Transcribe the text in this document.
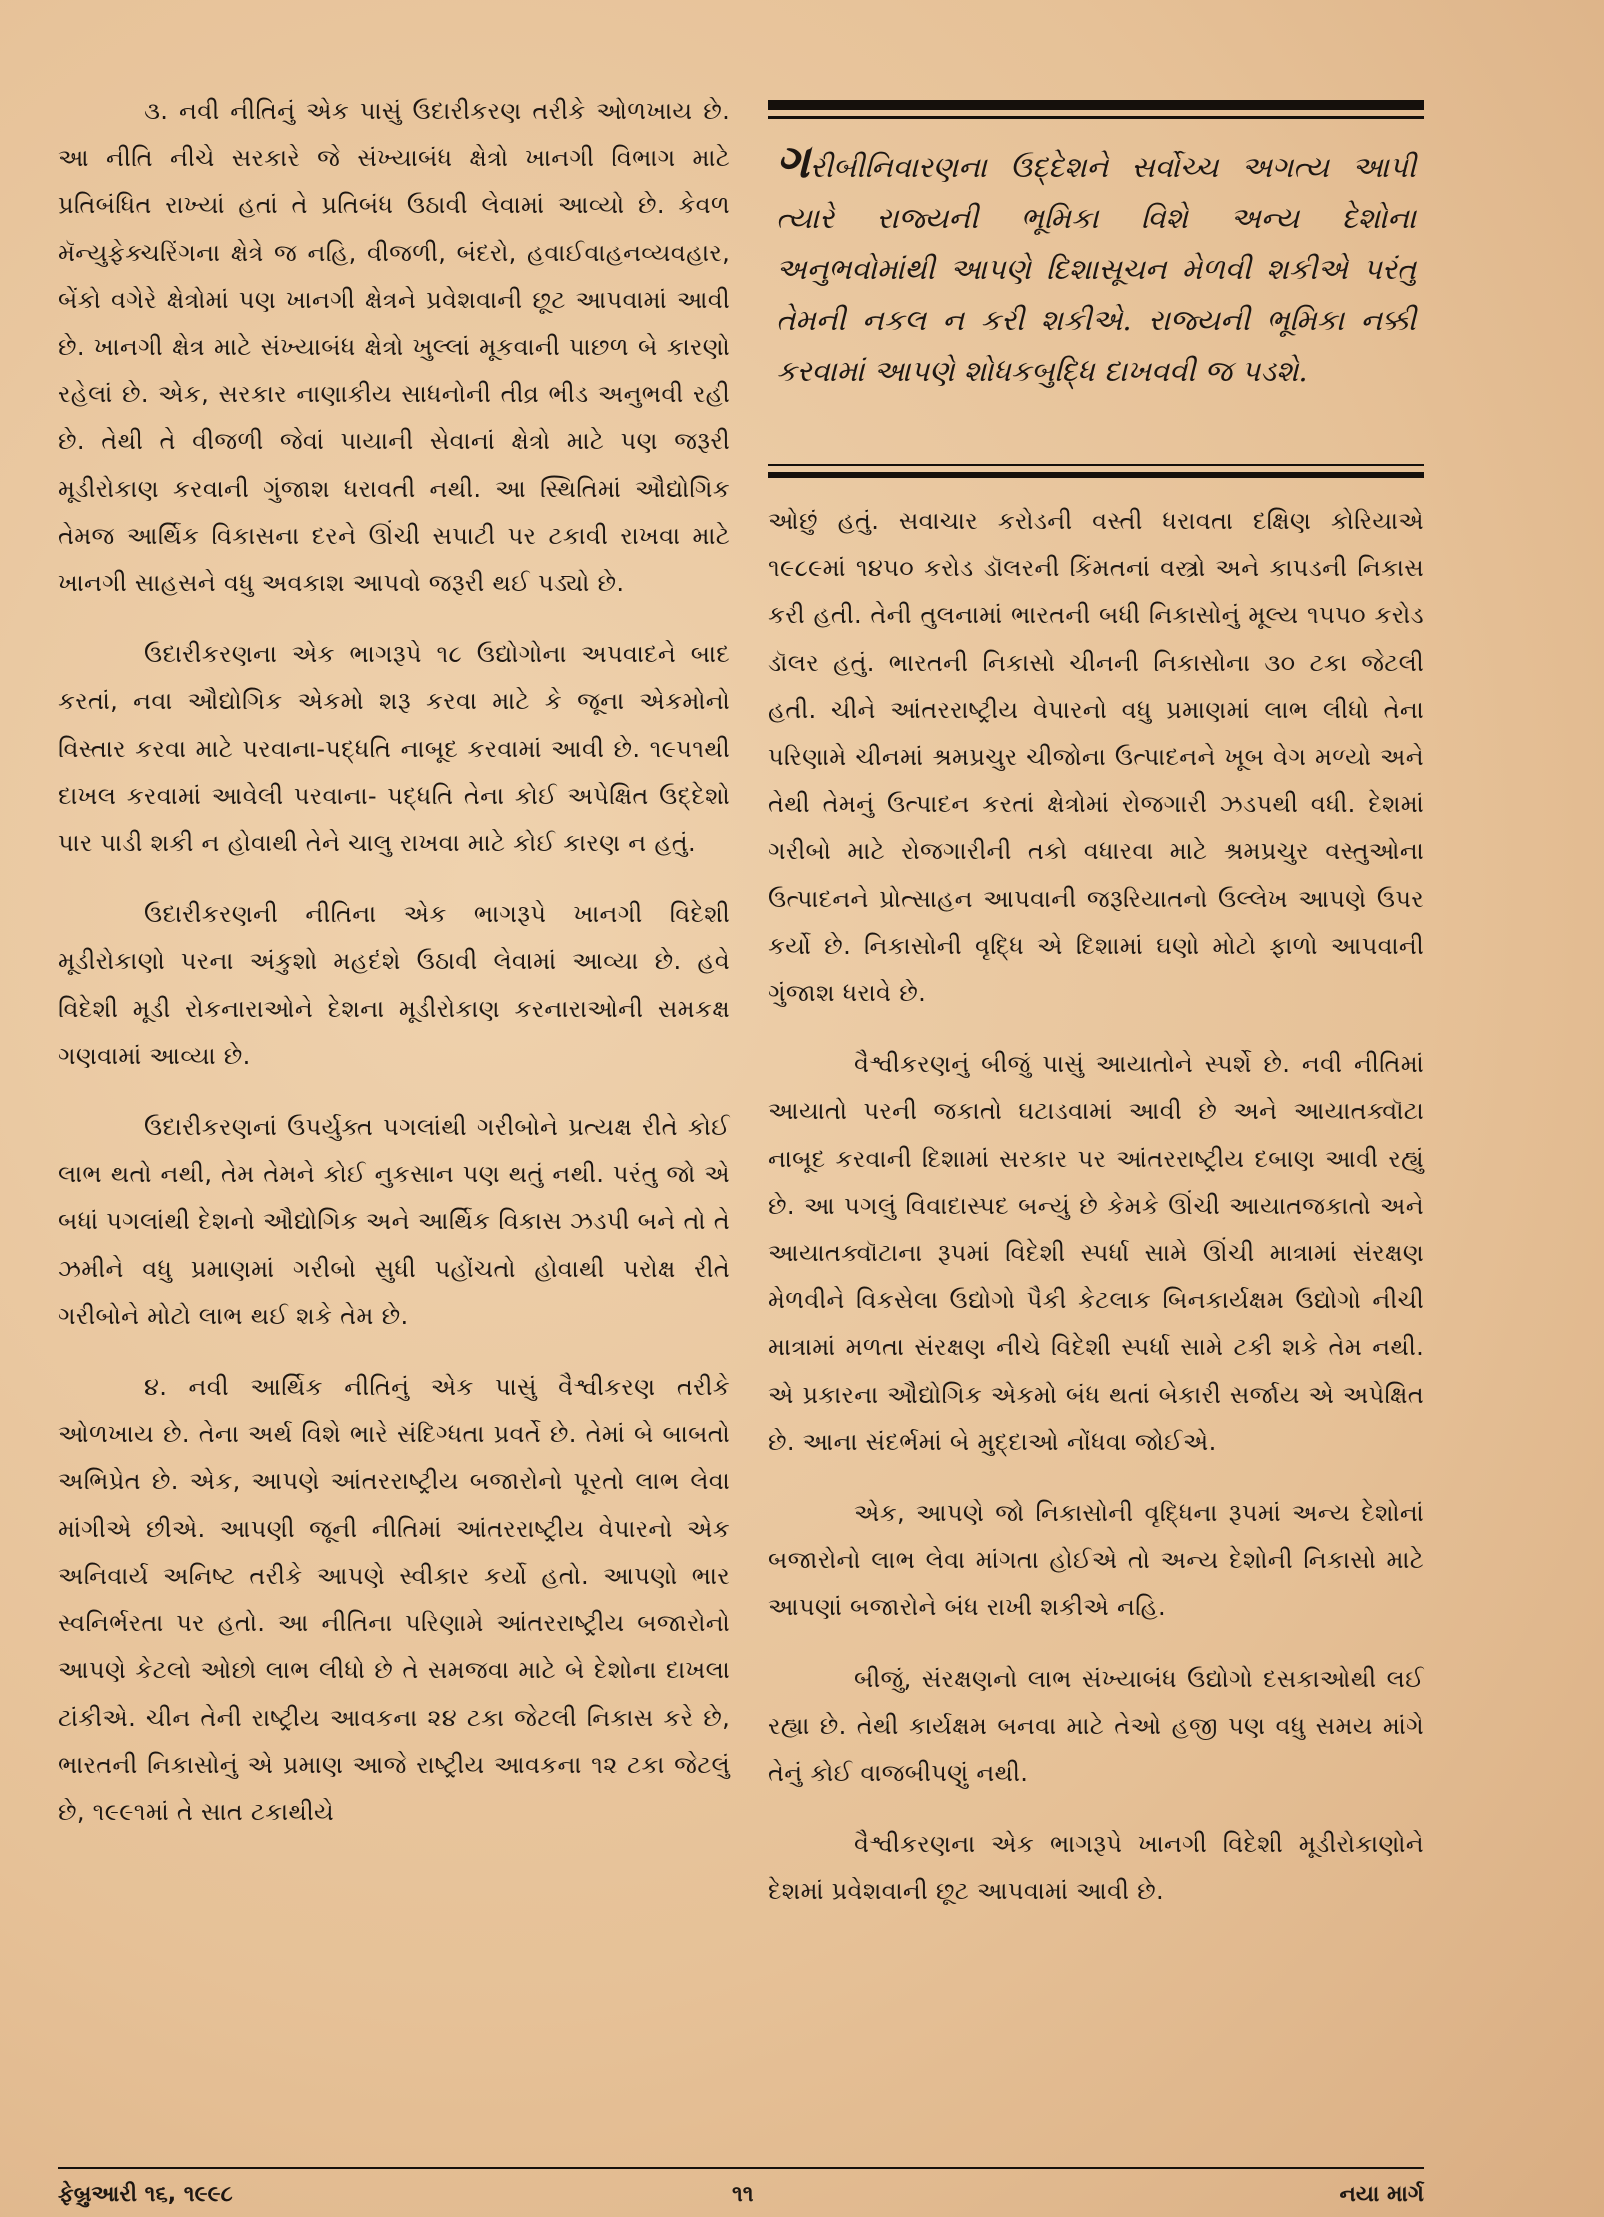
૩. નવી નીતિનું એક પાસું ઉદારીકરણ તરીકે ઓળખાય છે. આ નીતિ નીચે સરકારે જે સંખ્યાબંધ ક્ષેત્રો ખાનગી વિભાગ માટે પ્રતિબંધિત રાખ્યાં હતાં તે પ્રતિબંધ ઉઠાવી લેવામાં આવ્યો છે. કેવળ મૅન્યુફેક્ચરિંગના ક્ષેત્રે જ નહિ, વીજળી, બંદરો, હવાઈવાહનવ્યવહાર, બેંકો વગેરે ક્ષેત્રોમાં પણ ખાનગી ક્ષેત્રને પ્રવેશવાની છૂટ આપવામાં આવી છે. ખાનગી ક્ષેત્ર માટે સંખ્યાબંધ ક્ષેત્રો ખુલ્લાં મૂકવાની પાછળ બે કારણો રહેલાં છે. એક, સરકાર નાણાકીય સાધનોની તીવ્ર ભીડ અનુભવી રહી છે. તેથી તે વીજળી જેવાં પાયાની સેવાનાં ક્ષેત્રો માટે પણ જરૂરી મૂડીરોકાણ કરવાની ગુંજાશ ધરાવતી નથી. આ સ્થિતિમાં ઔદ્યોગિક તેમજ આર્થિક વિકાસના દરને ઊંચી સપાટી પર ટકાવી રાખવા માટે ખાનગી સાહસને વધુ અવકાશ આપવો જરૂરી થઈ પડ્યો છે.

ઉદારીકરણના એક ભાગરૂપે ૧૮ ઉદ્યોગોના અપવાદને બાદ કરતાં, નવા ઔદ્યોગિક એકમો શરૂ કરવા માટે કે જૂના એકમોનો વિસ્તાર કરવા માટે પરવાના-પદ્ધતિ નાબૂદ કરવામાં આવી છે. ૧૯૫૧થી દાખલ કરવામાં આવેલી પરવાના- પદ્ધતિ તેના કોઈ અપેક્ષિત ઉદ્દેશો પાર પાડી શકી ન હોવાથી તેને ચાલુ રાખવા માટે કોઈ કારણ ન હતું.

ઉદારીકરણની નીતિના એક ભાગરૂપે ખાનગી વિદેશી મૂડીરોકાણો પરના અંકુશો મહદંશે ઉઠાવી લેવામાં આવ્યા છે. હવે વિદેશી મૂડી રોકનારાઓને દેશના મૂડીરોકાણ કરનારાઓની સમકક્ષ ગણવામાં આવ્યા છે.

ઉદારીકરણનાં ઉપર્યુક્ત પગલાંથી ગરીબોને પ્રત્યક્ષ રીતે કોઈ લાભ થતો નથી, તેમ તેમને કોઈ નુકસાન પણ થતું નથી. પરંતુ જો એ બધાં પગલાંથી દેશનો ઔદ્યોગિક અને આર્થિક વિકાસ ઝડપી બને તો તે ઝમીને વધુ પ્રમાણમાં ગરીબો સુધી પહોંચતો હોવાથી પરોક્ષ રીતે ગરીબોને મોટો લાભ થઈ શકે તેમ છે.

૪. નવી આર્થિક નીતિનું એક પાસું વૈશ્વીકરણ તરીકે ઓળખાય છે. તેના અર્થ વિશે ભારે સંદિગ્ધતા પ્રવર્તે છે. તેમાં બે બાબતો અભિપ્રેત છે. એક, આપણે આંતરરાષ્ટ્રીય બજારોનો પૂરતો લાભ લેવા માંગીએ છીએ. આપણી જૂની નીતિમાં આંતરરાષ્ટ્રીય વેપારનો એક અનિવાર્ય અનિષ્ટ તરીકે આપણે સ્વીકાર કર્યો હતો. આપણો ભાર સ્વનિર્ભરતા પર હતો. આ નીતિના પરિણામે આંતરરાષ્ટ્રીય બજારોનો આપણે કેટલો ઓછો લાભ લીધો છે તે સમજવા માટે બે દેશોના દાખલા ટાંકીએ. ચીન તેની રાષ્ટ્રીય આવકના ૨૪ ટકા જેટલી નિકાસ કરે છે, ભારતની નિકાસોનું એ પ્રમાણ આજે રાષ્ટ્રીય આવકના ૧૨ ટકા જેટલું છે, ૧૯૯૧માં તે સાત ટકાથીયે

ગરીબીનિવારણના ઉદ્દેશને સર્વોચ્ચ અગત્ય આપી ત્યારે રાજ્યની ભૂમિકા વિશે અન્ય દેશોના અનુભવોમાંથી આપણે દિશાસૂચન મેળવી શકીએ પરંતુ તેમની નકલ ન કરી શકીએ. રાજ્યની ભૂમિકા નક્કી કરવામાં આપણે શોધકબુદ્ધિ દાખવવી જ પડશે.

ઓછું હતું. સવાચાર કરોડની વસ્તી ધરાવતા દક્ષિણ કોરિયાએ ૧૯૮૯માં ૧૪૫૦ કરોડ ડૉલરની કિંમતનાં વસ્ત્રો અને કાપડની નિકાસ કરી હતી. તેની તુલનામાં ભારતની બધી નિકાસોનું મૂલ્ય ૧૫૫૦ કરોડ ડૉલર હતું. ભારતની નિકાસો ચીનની નિકાસોના ૩૦ ટકા જેટલી હતી. ચીને આંતરરાષ્ટ્રીય વેપારનો વધુ પ્રમાણમાં લાભ લીધો તેના પરિણામે ચીનમાં શ્રમપ્રચુર ચીજોના ઉત્પાદનને ખૂબ વેગ મળ્યો અને તેથી તેમનું ઉત્પાદન કરતાં ક્ષેત્રોમાં રોજગારી ઝડપથી વધી. દેશમાં ગરીબો માટે રોજગારીની તકો વધારવા માટે શ્રમપ્રચુર વસ્તુઓના ઉત્પાદનને પ્રોત્સાહન આપવાની જરૂરિયાતનો ઉલ્લેખ આપણે ઉપર કર્યો છે. નિકાસોની વૃદ્ધિ એ દિશામાં ઘણો મોટો ફાળો આપવાની ગુંજાશ ધરાવે છે.

વૈશ્વીકરણનું બીજું પાસું આયાતોને સ્પર્શે છે. નવી નીતિમાં આયાતો પરની જકાતો ઘટાડવામાં આવી છે અને આયાતક્વૉટા નાબૂદ કરવાની દિશામાં સરકાર પર આંતરરાષ્ટ્રીય દબાણ આવી રહ્યું છે. આ પગલું વિવાદાસ્પદ બન્યું છે કેમકે ઊંચી આયાતજકાતો અને આયાતક્વૉટાના રૂપમાં વિદેશી સ્પર્ધા સામે ઊંચી માત્રામાં સંરક્ષણ મેળવીને વિકસેલા ઉદ્યોગો પૈકી કેટલાક બિનકાર્યક્ષમ ઉદ્યોગો નીચી માત્રામાં મળતા સંરક્ષણ નીચે વિદેશી સ્પર્ધા સામે ટકી શકે તેમ નથી. એ પ્રકારના ઔદ્યોગિક એકમો બંધ થતાં બેકારી સર્જાય એ અપેક્ષિત છે. આના સંદર્ભમાં બે મુદ્દાઓ નોંધવા જોઈએ.

એક, આપણે જો નિકાસોની વૃદ્ધિના રૂપમાં અન્ય દેશોનાં બજારોનો લાભ લેવા માંગતા હોઈએ તો અન્ય દેશોની નિકાસો માટે આપણાં બજારોને બંધ રાખી શકીએ નહિ.

બીજું, સંરક્ષણનો લાભ સંખ્યાબંધ ઉદ્યોગો દસકાઓથી લઈ રહ્યા છે. તેથી કાર્યક્ષમ બનવા માટે તેઓ હજી પણ વધુ સમય માંગે તેનું કોઈ વાજબીપણું નથી.

વૈશ્વીકરણના એક ભાગરૂપે ખાનગી વિદેશી મૂડીરોકાણોને દેશમાં પ્રવેશવાની છૂટ આપવામાં આવી છે.

ફેબ્રુઆરી ૧૬, ૧૯૯૮	૧૧	નયા માર્ગ
